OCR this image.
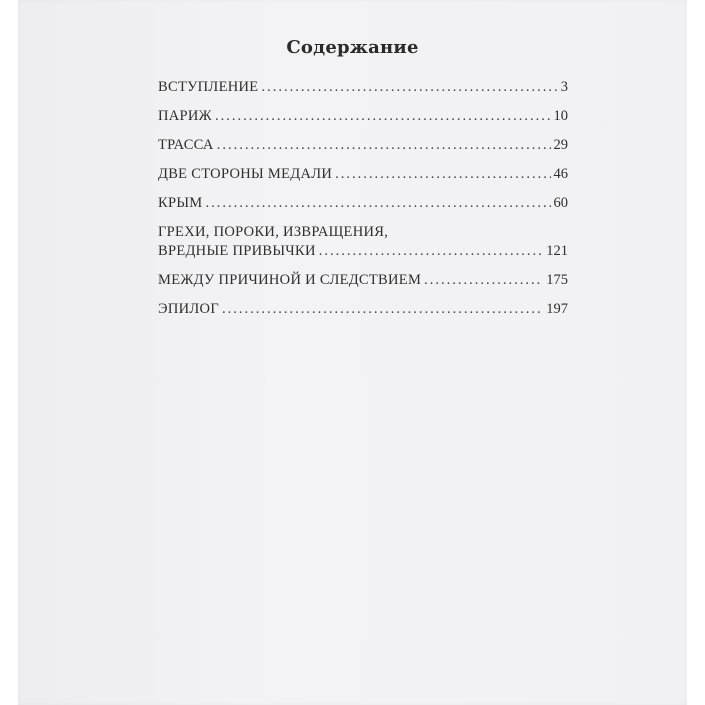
Содержание
ВСТУПЛЕНИЕ .....	3
ПАРИЖ .....	10
ТРАССА .....	29
ДВЕ СТОРОНЫ МЕДАЛИ .....	46
КРЫМ .....	60
ГРЕХИ, ПОРОКИ, ИЗВРАЩЕНИЯ,
ВРЕДНЫЕ ПРИВЫЧКИ .....	121
МЕЖДУ ПРИЧИНОЙ И СЛЕДСТВИЕМ .....	175
ЭПИЛОГ .....	197
